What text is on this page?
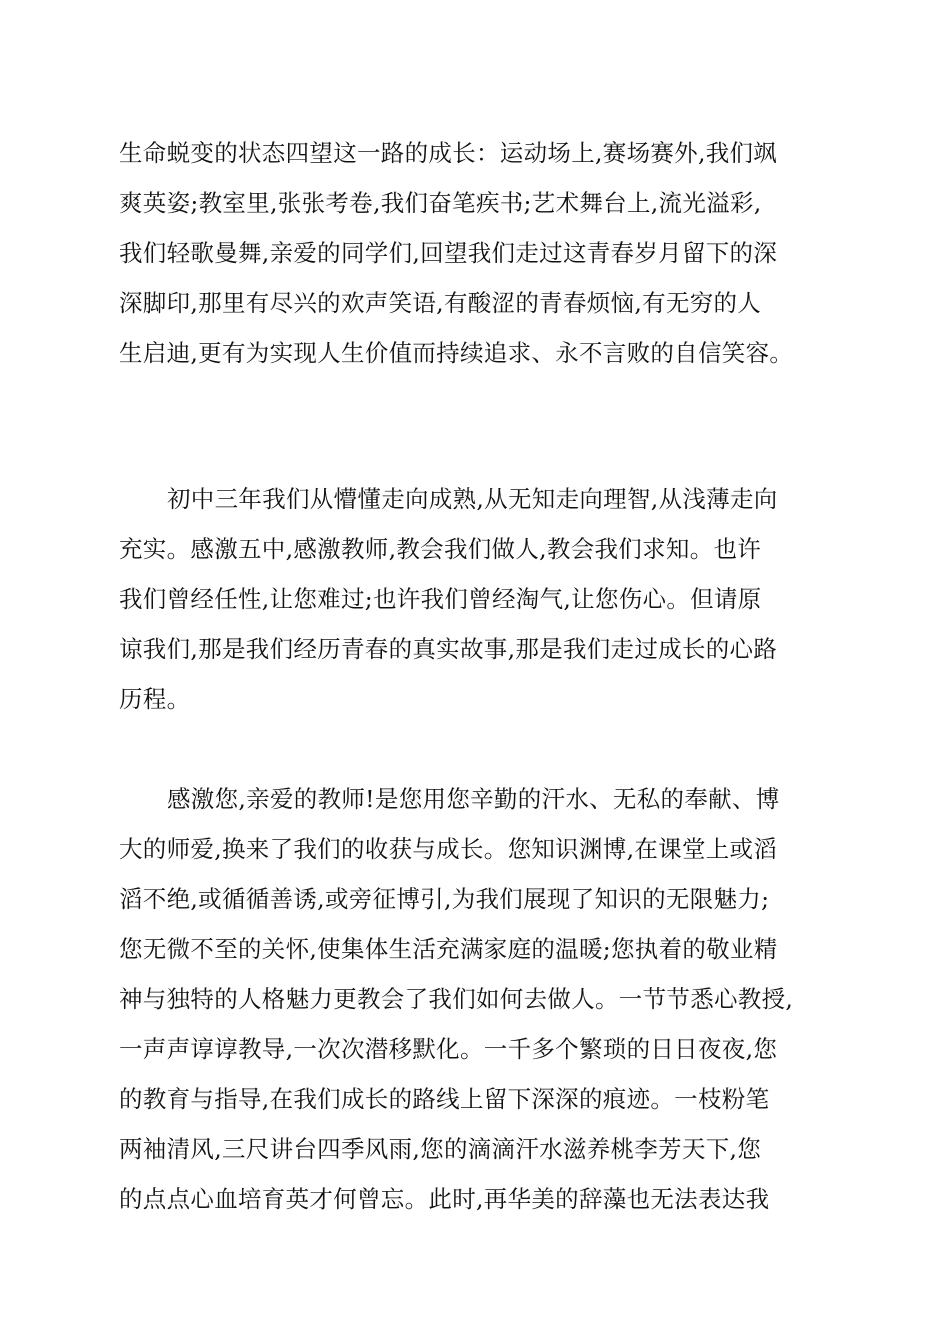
生命蜕变的状态四望这一路的成长：运动场上,赛场赛外,我们飒
爽英姿;教室里,张张考卷,我们奋笔疾书;艺术舞台上,流光溢彩,
我们轻歌曼舞,亲爱的同学们,回望我们走过这青春岁月留下的深
深脚印,那里有尽兴的欢声笑语,有酸涩的青春烦恼,有无穷的人
生启迪,更有为实现人生价值而持续追求、永不言败的自信笑容。
初中三年我们从懵懂走向成熟,从无知走向理智,从浅薄走向
充实。感激五中,感激教师,教会我们做人,教会我们求知。也许
我们曾经任性,让您难过;也许我们曾经淘气,让您伤心。但请原
谅我们,那是我们经历青春的真实故事,那是我们走过成长的心路
历程。
感激您,亲爱的教师!是您用您辛勤的汗水、无私的奉献、博
大的师爱,换来了我们的收获与成长。您知识渊博,在课堂上或滔
滔不绝,或循循善诱,或旁征博引,为我们展现了知识的无限魅力;
您无微不至的关怀,使集体生活充满家庭的温暖;您执着的敬业精
神与独特的人格魅力更教会了我们如何去做人。一节节悉心教授,
一声声谆谆教导,一次次潜移默化。一千多个繁琐的日日夜夜,您
的教育与指导,在我们成长的路线上留下深深的痕迹。一枝粉笔
两袖清风,三尺讲台四季风雨,您的滴滴汗水滋养桃李芳天下,您
的点点心血培育英才何曾忘。此时,再华美的辞藻也无法表达我
